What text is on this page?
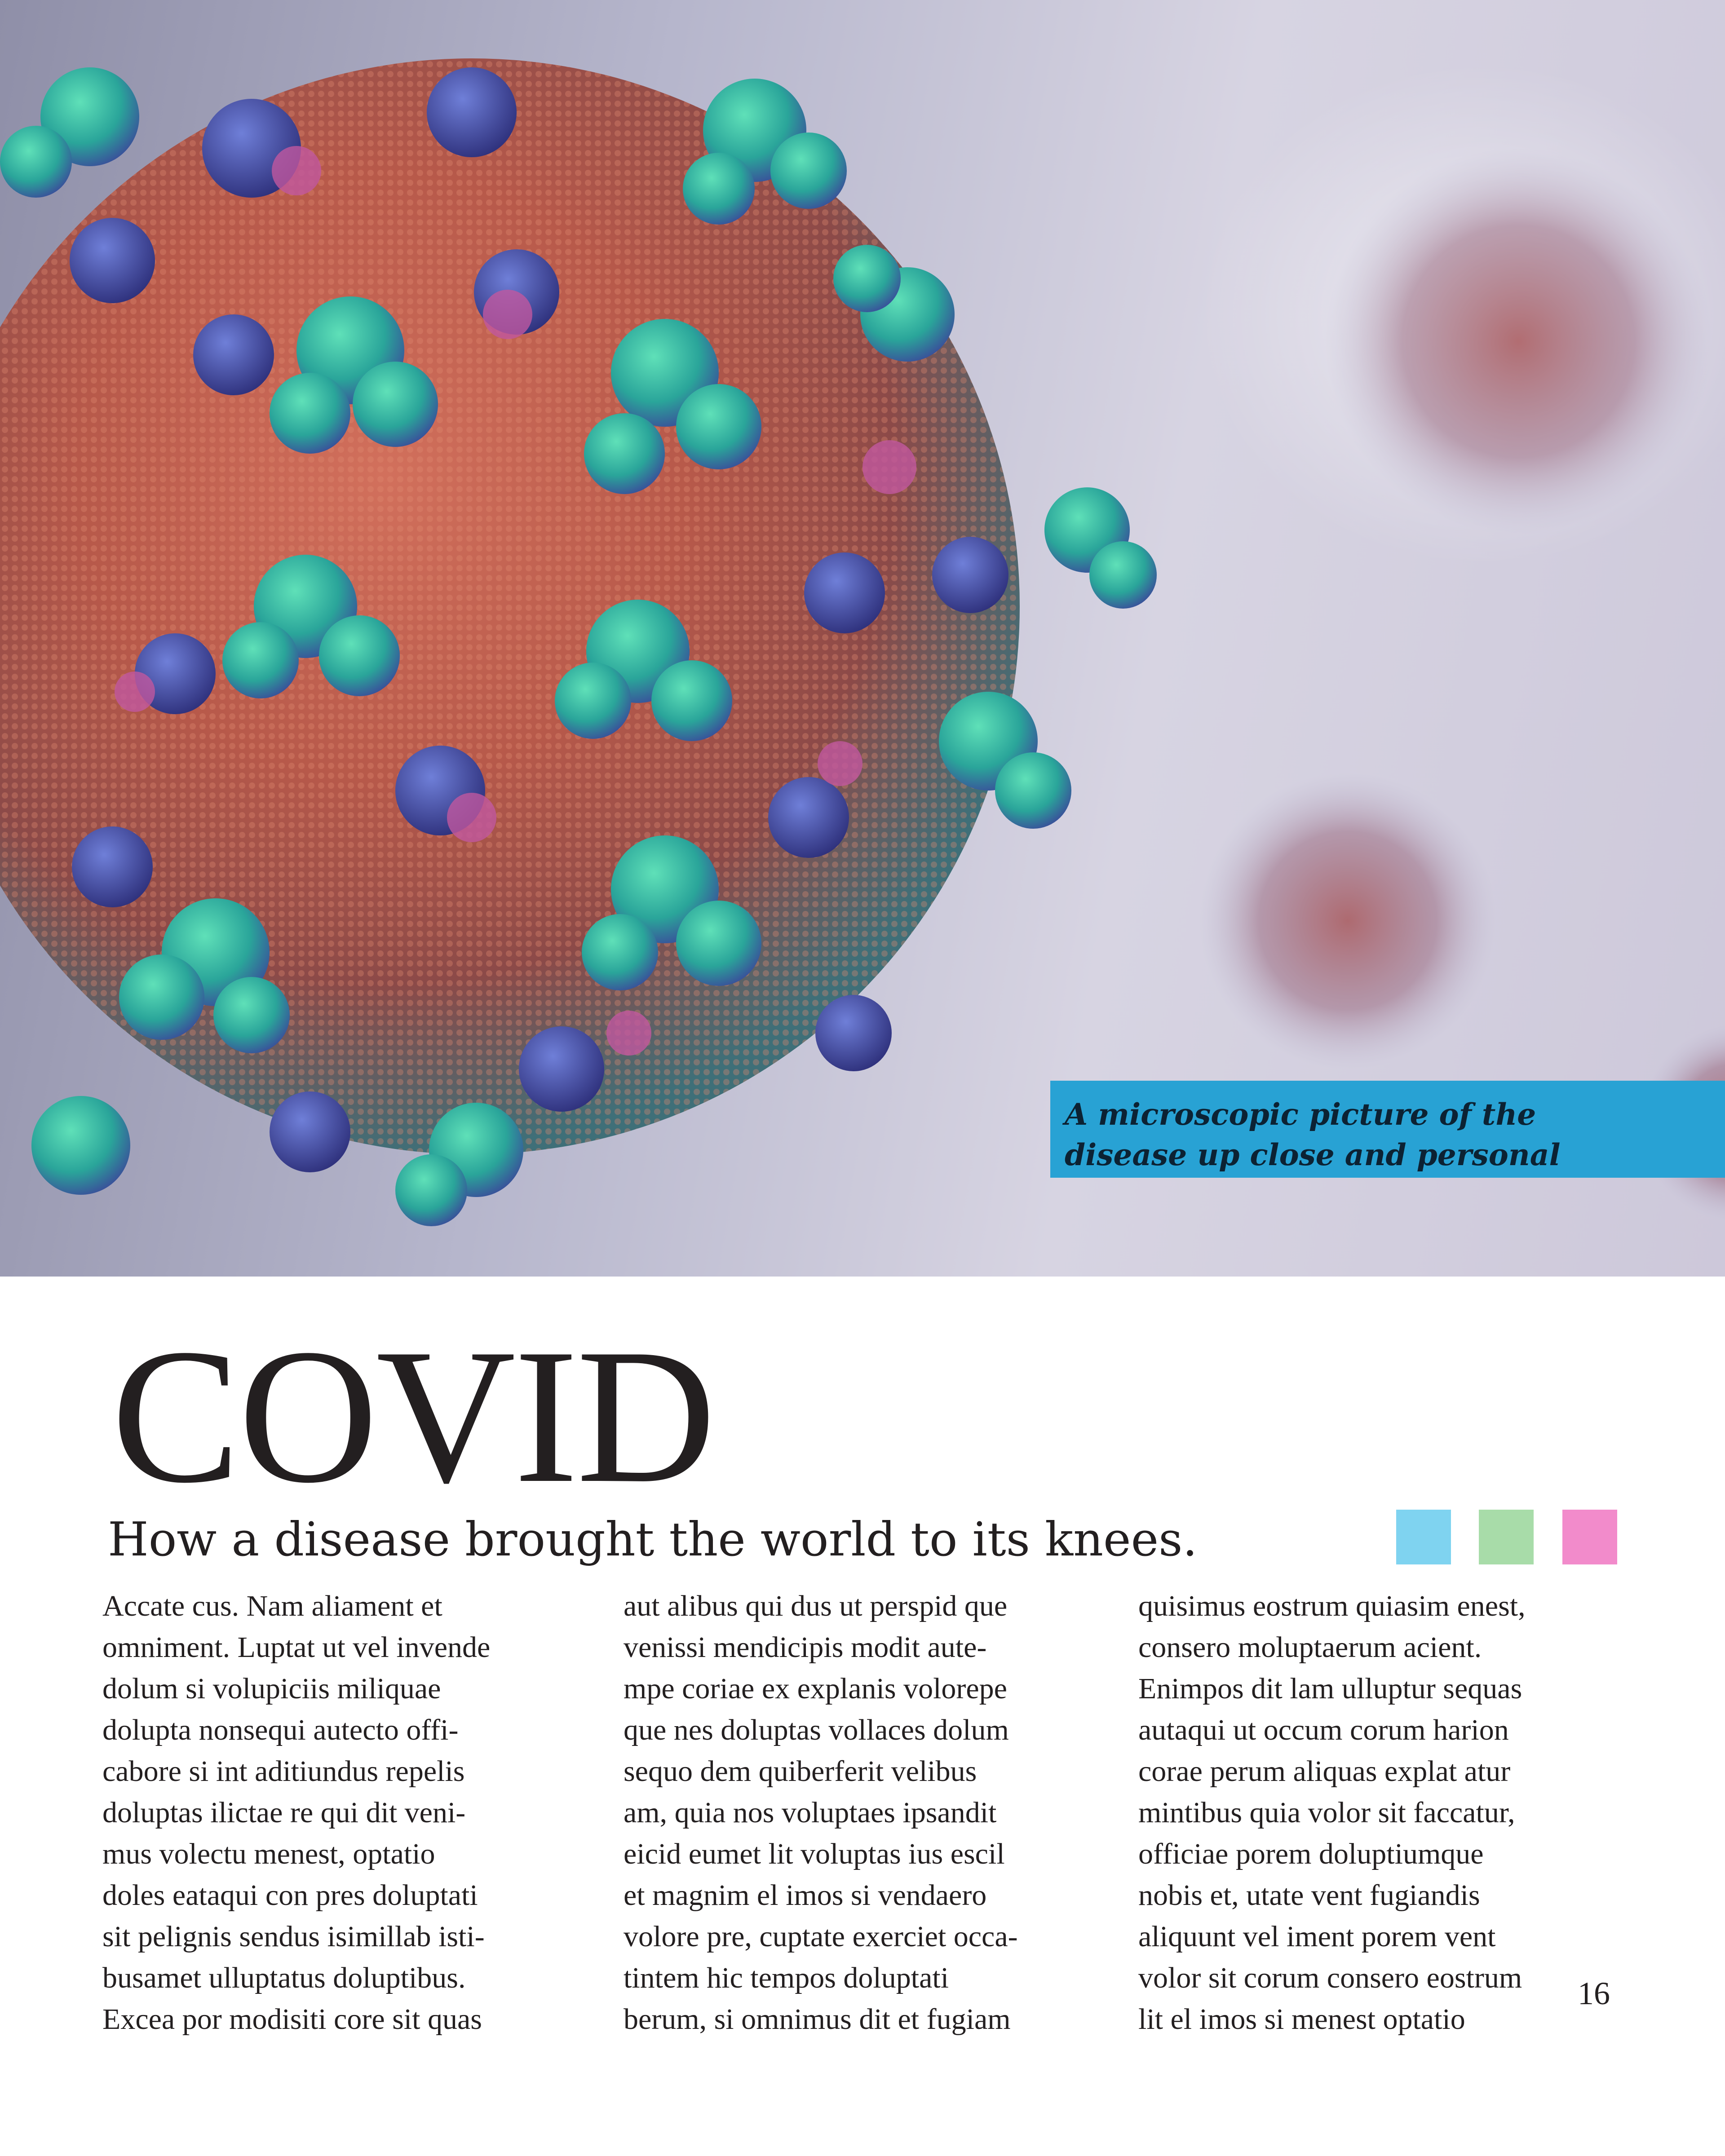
A microscopic picture of the
disease up close and personal
COVID
How a disease brought the world to its knees.
Accate cus. Nam aliament et
omniment. Luptat ut vel invende
dolum si volupiciis miliquae
dolupta nonsequi autecto offi-
cabore si int aditiundus repelis
doluptas ilictae re qui dit veni-
mus volectu menest, optatio
doles eataqui con pres doluptati
sit pelignis sendus isimillab isti-
busamet ulluptatus doluptibus.
Excea por modisiti core sit quas
aut alibus qui dus ut perspid que
venissi mendicipis modit aute-
mpe coriae ex explanis volorepe
que nes doluptas vollaces dolum
sequo dem quiberferit velibus
am, quia nos voluptaes ipsandit
eicid eumet lit voluptas ius escil
et magnim el imos si vendaero
volore pre, cuptate exerciet occa-
tintem hic tempos doluptati
berum, si omnimus dit et fugiam
quisimus eostrum quiasim enest,
consero moluptaerum acient.
Enimpos dit lam ulluptur sequas
autaqui ut occum corum harion
corae perum aliquas explat atur
mintibus quia volor sit faccatur,
officiae porem doluptiumque
nobis et, utate vent fugiandis
aliquunt vel iment porem vent
volor sit corum consero eostrum
lit el imos si menest optatio
16
